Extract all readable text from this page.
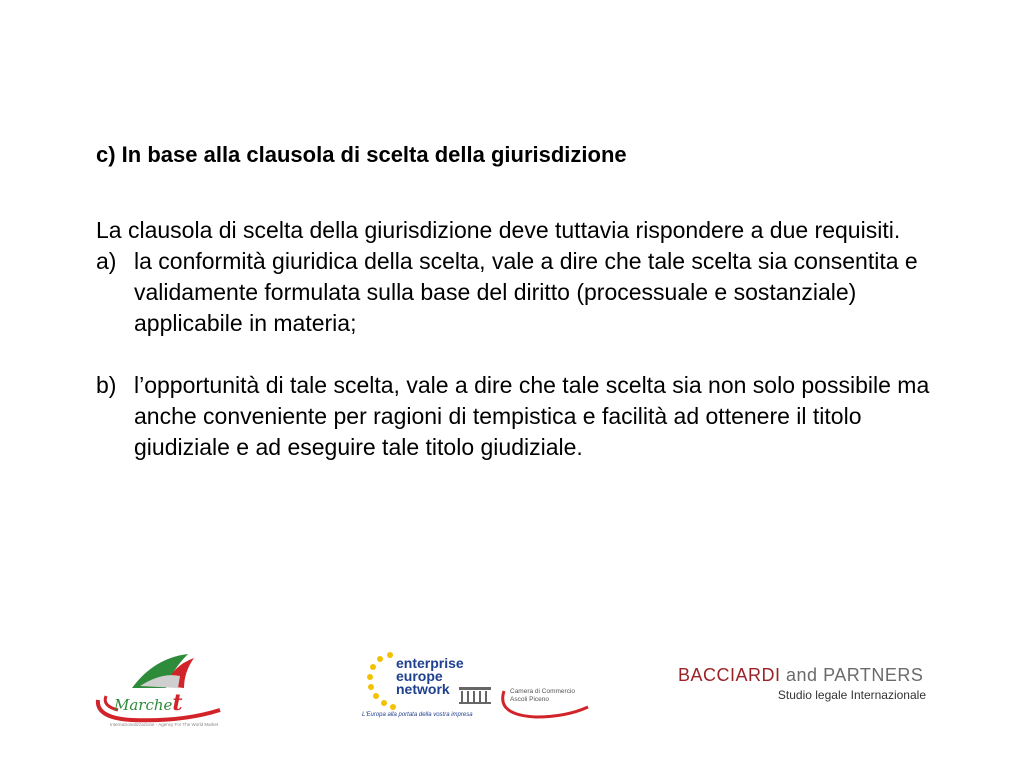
c) In base alla clausola di scelta della giurisdizione
La clausola di scelta della giurisdizione deve tuttavia rispondere a due requisiti.
a) la conformità giuridica della scelta, vale a dire che tale scelta sia consentita e validamente formulata sulla base del diritto (processuale e sostanziale) applicabile in materia;
b) l’opportunità di tale scelta, vale a dire che tale scelta sia non solo possibile ma anche conveniente per ragioni di tempistica e facilità ad ottenere il titolo giudiziale e ad eseguire tale titolo giudiziale.
Marchet
Internazionalizzazione - Agency For The World Market
enterprise
europe
network
L'Europa alla portata della vostra impresa
Camera di Commercio
Ascoli Piceno
BACCIARDI and PARTNERS
Studio legale Internazionale
